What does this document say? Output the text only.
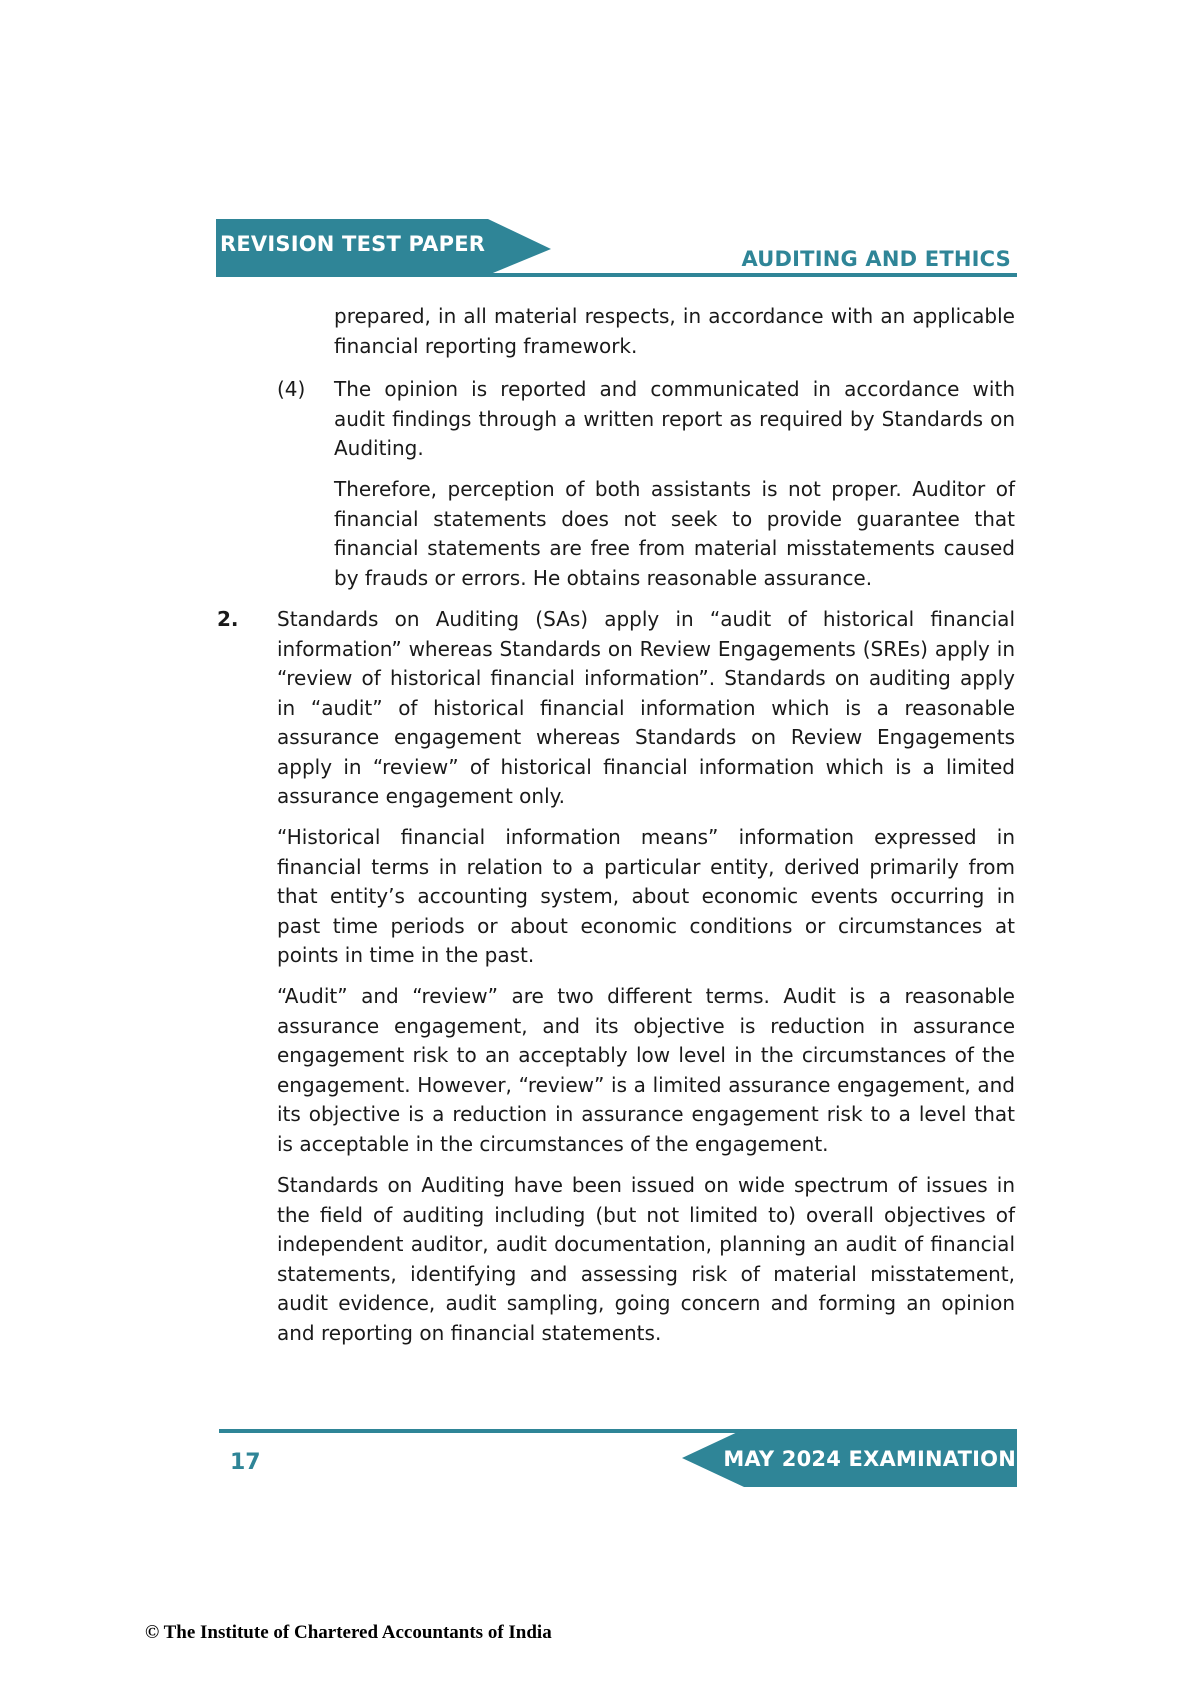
REVISION TEST PAPER
AUDITING AND ETHICS

prepared, in all material respects, in accordance with an applicable financial reporting framework.

(4) The opinion is reported and communicated in accordance with audit findings through a written report as required by Standards on Auditing.

Therefore, perception of both assistants is not proper. Auditor of financial statements does not seek to provide guarantee that financial statements are free from material misstatements caused by frauds or errors. He obtains reasonable assurance.

2. Standards on Auditing (SAs) apply in “audit of historical financial information” whereas Standards on Review Engagements (SREs) apply in “review of historical financial information”. Standards on auditing apply in “audit” of historical financial information which is a reasonable assurance engagement whereas Standards on Review Engagements apply in “review” of historical financial information which is a limited assurance engagement only.

“Historical financial information means” information expressed in financial terms in relation to a particular entity, derived primarily from that entity’s accounting system, about economic events occurring in past time periods or about economic conditions or circumstances at points in time in the past.

“Audit” and “review” are two different terms. Audit is a reasonable assurance engagement, and its objective is reduction in assurance engagement risk to an acceptably low level in the circumstances of the engagement. However, “review” is a limited assurance engagement, and its objective is a reduction in assurance engagement risk to a level that is acceptable in the circumstances of the engagement.

Standards on Auditing have been issued on wide spectrum of issues in the field of auditing including (but not limited to) overall objectives of independent auditor, audit documentation, planning an audit of financial statements, identifying and assessing risk of material misstatement, audit evidence, audit sampling, going concern and forming an opinion and reporting on financial statements.

17	MAY 2024 EXAMINATION
© The Institute of Chartered Accountants of India
